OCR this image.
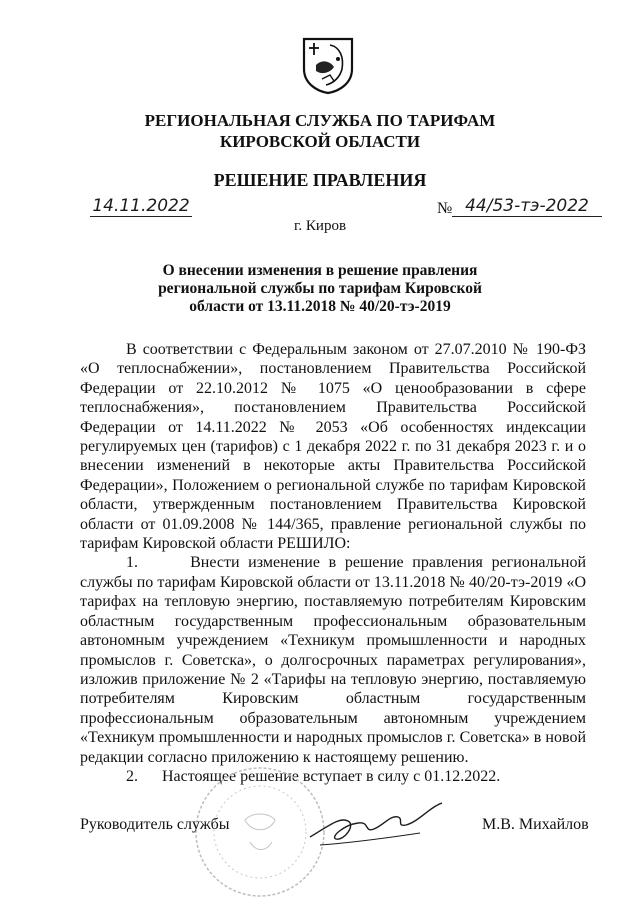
РЕГИОНАЛЬНАЯ СЛУЖБА ПО ТАРИФАМ
КИРОВСКОЙ ОБЛАСТИ
РЕШЕНИЕ ПРАВЛЕНИЯ
14.11.2022	№ 44/53-тэ-2022
г. Киров
О внесении изменения в решение правления
региональной службы по тарифам Кировской
области от 13.11.2018 № 40/20-тэ-2019

В соответствии с Федеральным законом от 27.07.2010 № 190-ФЗ «О теплоснабжении», постановлением Правительства Российской Федерации от 22.10.2012 № 1075 «О ценообразовании в сфере теплоснабжения», постановлением Правительства Российской Федерации от 14.11.2022 № 2053 «Об особенностях индексации регулируемых цен (тарифов) с 1 декабря 2022 г. по 31 декабря 2023 г. и о внесении изменений в некоторые акты Правительства Российской Федерации», Положением о региональной службе по тарифам Кировской области, утвержденным постановлением Правительства Кировской области от 01.09.2008 № 144/365, правление региональной службы по тарифам Кировской области РЕШИЛО:

1.	Внести изменение в решение правления региональной службы по тарифам Кировской области от 13.11.2018 № 40/20-тэ-2019 «О тарифах на тепловую энергию, поставляемую потребителям Кировским областным государственным профессиональным образовательным автономным учреждением «Техникум промышленности и народных промыслов г. Советска», о долгосрочных параметрах регулирования», изложив приложение № 2 «Тарифы на тепловую энергию, поставляемую потребителям Кировским областным государственным профессиональным образовательным автономным учреждением «Техникум промышленности и народных промыслов г. Советска» в новой редакции согласно приложению к настоящему решению.

2. Настоящее решение вступает в силу с 01.12.2022.

Руководитель службы	М.В. Михайлов
